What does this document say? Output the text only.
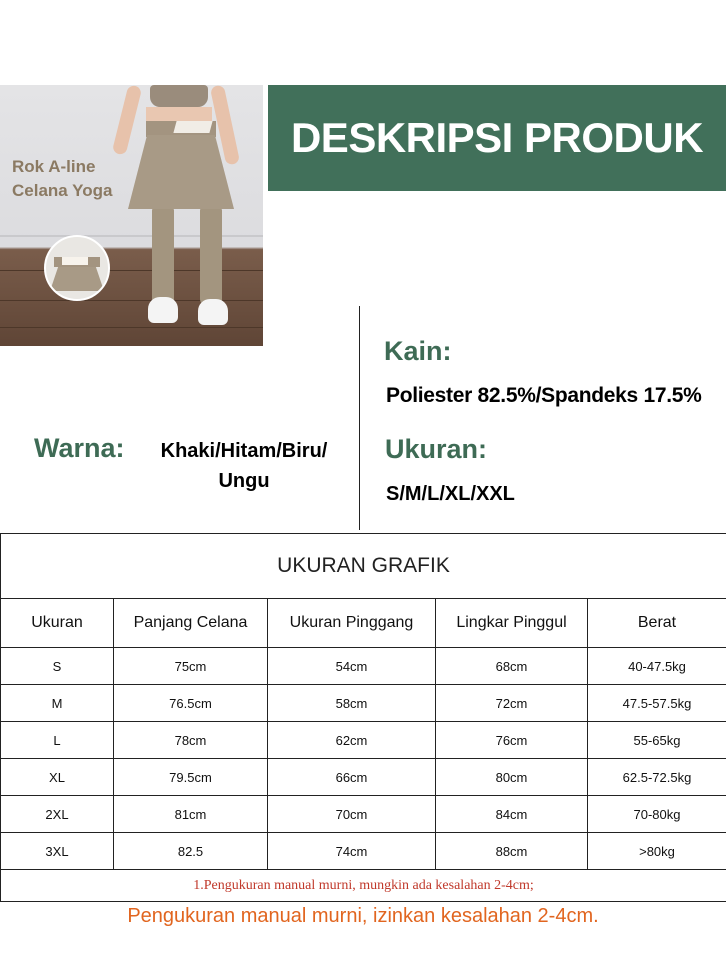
Rok A-line
Celana Yoga
DESKRIPSI PRODUK
Kain:
Poliester 82.5%/Spandeks 17.5%
Warna:	Khaki/Hitam/Biru/
Ungu
Ukuran:
S/M/L/XL/XXL
UKURAN GRAFIK				
Ukuran	Panjang Celana	Ukuran Pinggang	Lingkar Pinggul	Berat
S	75cm	54cm	68cm	40-47.5kg
M	76.5cm	58cm	72cm	47.5-57.5kg
L	78cm	62cm	76cm	55-65kg
XL	79.5cm	66cm	80cm	62.5-72.5kg
2XL	81cm	70cm	84cm	70-80kg
3XL	82.5	74cm	88cm	>80kg
1.Pengukuran manual murni, mungkin ada kesalahan 2-4cm;				
Pengukuran manual murni, izinkan kesalahan 2-4cm.
